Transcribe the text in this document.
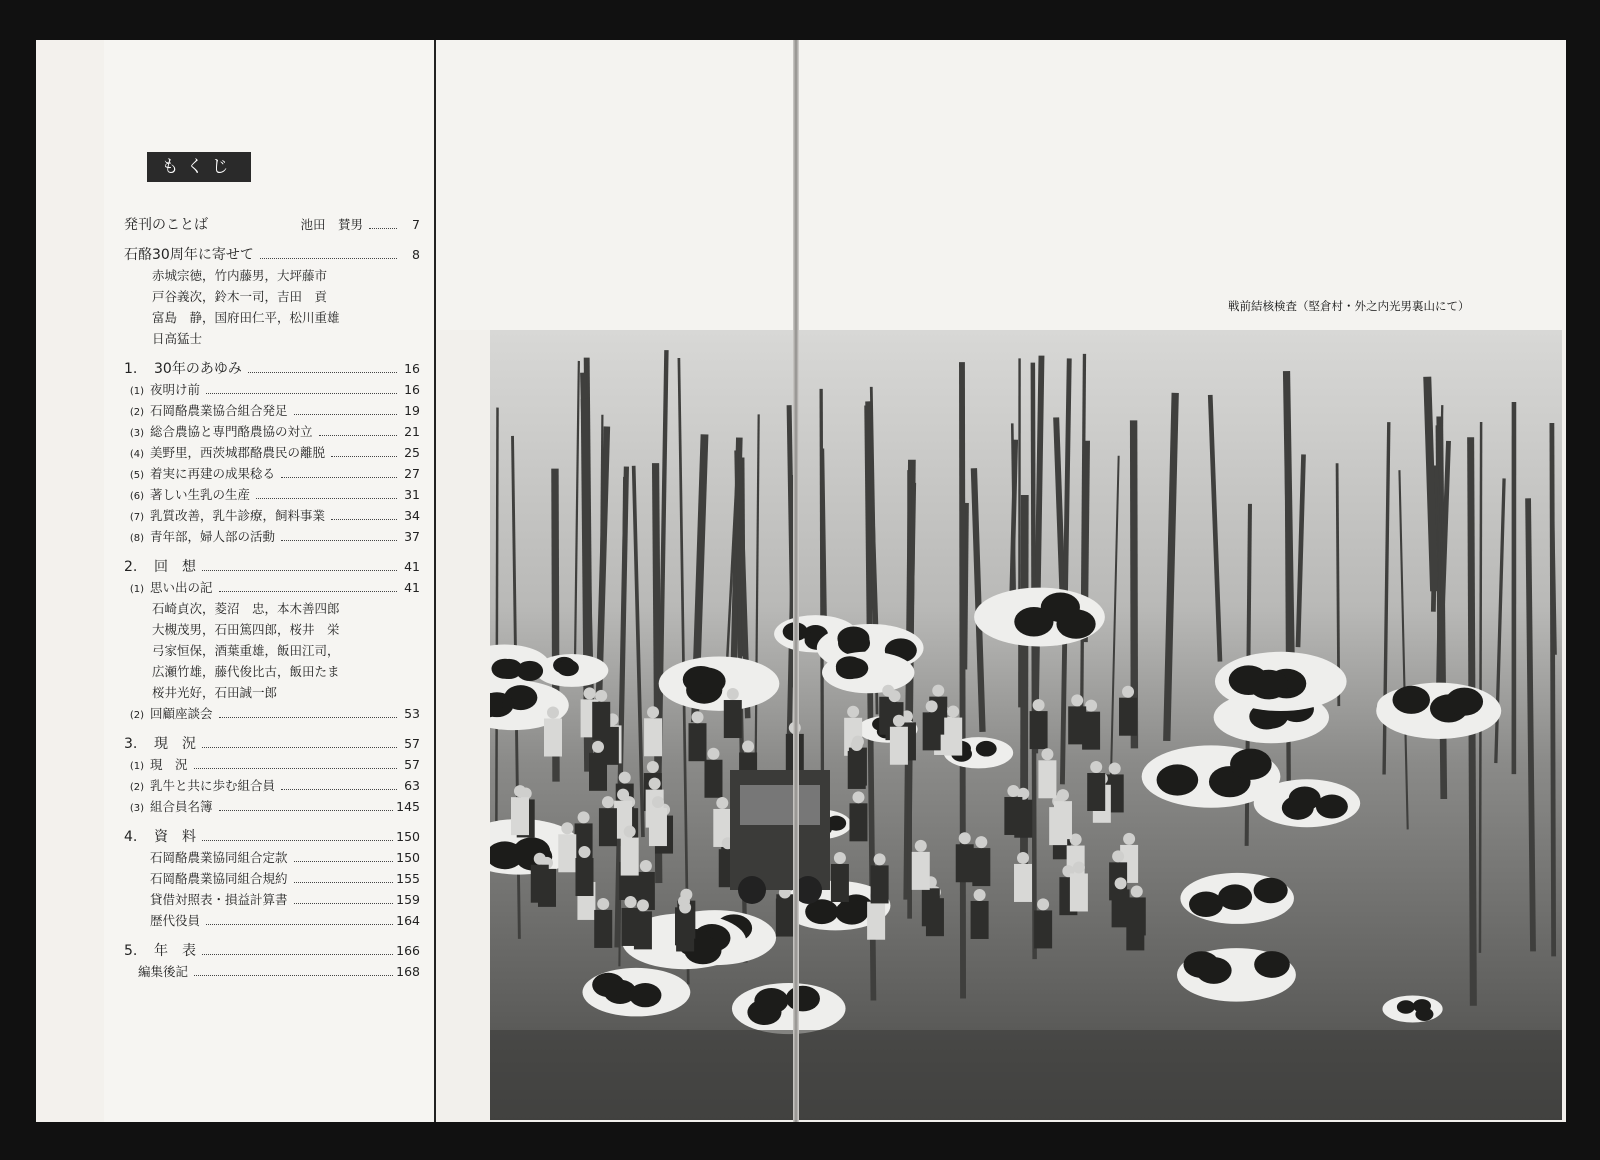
もくじ
発刊のことば	池田　賛男	7
石酪30周年に寄せて	8
赤城宗徳，竹内藤男，大坪藤市
戸谷義次，鈴木一司，吉田　貢
富島　静，国府田仁平，松川重雄
日高猛士
1.	30年のあゆみ	16
(1) 夜明け前	16
(2) 石岡酪農業協合組合発足	19
(3) 総合農協と専門酪農協の対立	21
(4) 美野里，西茨城郡酪農民の離脱	25
(5) 着実に再建の成果稔る	27
(6) 著しい生乳の生産	31
(7) 乳質改善，乳牛診療，飼料事業	34
(8) 青年部，婦人部の活動	37
2.	回　想	41
(1) 思い出の記	41
石崎貞次，菱沼　忠，本木善四郎
大槻茂男，石田篤四郎，桜井　栄
弓家恒保，酒葉重雄，飯田江司，
広瀬竹雄，藤代俊比古，飯田たま
桜井光好，石田誠一郎
(2) 回顧座談会	53
3.	現　況	57
(1) 現　況	57
(2) 乳牛と共に歩む組合員	63
(3) 組合員名簿	145
4.	資　料	150
石岡酪農業協同組合定款	150
石岡酪農業協同組合規約	155
貸借対照表・損益計算書	159
歴代役員	164
5.	年　表	166
編集後記	168
戦前結核検査（堅倉村・外之内光男裏山にて）
